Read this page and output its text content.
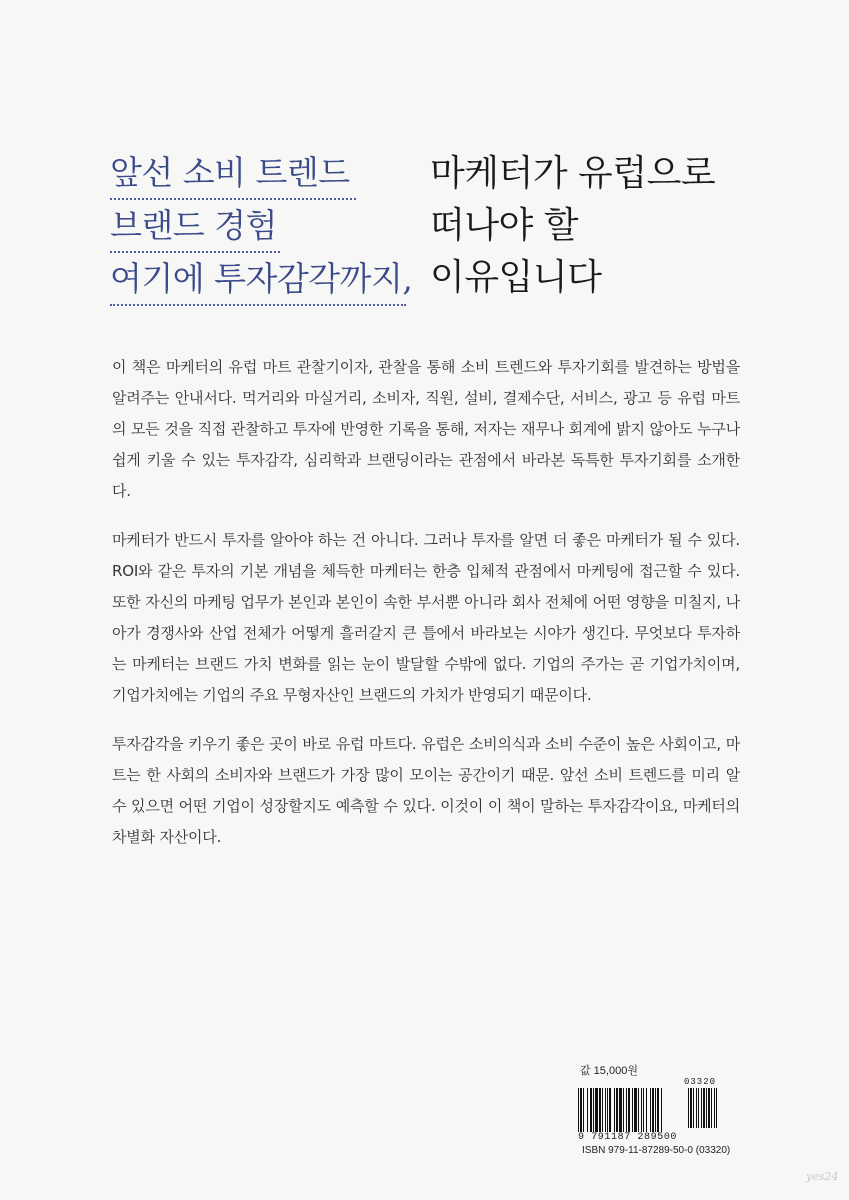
앞선 소비 트렌드
브랜드 경험
여기에 투자감각까지,
마케터가 유럽으로
떠나야 할
이유입니다

이 책은 마케터의 유럽 마트 관찰기이자, 관찰을 통해 소비 트렌드와 투자기회를 발견하는 방법을 알려주는 안내서다. 먹거리와 마실거리, 소비자, 직원, 설비, 결제수단, 서비스, 광고 등 유럽 마트의 모든 것을 직접 관찰하고 투자에 반영한 기록을 통해, 저자는 재무나 회계에 밝지 않아도 누구나 쉽게 키울 수 있는 투자감각, 심리학과 브랜딩이라는 관점에서 바라본 독특한 투자기회를 소개한다.

마케터가 반드시 투자를 알아야 하는 건 아니다. 그러나 투자를 알면 더 좋은 마케터가 될 수 있다. ROI와 같은 투자의 기본 개념을 체득한 마케터는 한층 입체적 관점에서 마케팅에 접근할 수 있다. 또한 자신의 마케팅 업무가 본인과 본인이 속한 부서뿐 아니라 회사 전체에 어떤 영향을 미칠지, 나아가 경쟁사와 산업 전체가 어떻게 흘러갈지 큰 틀에서 바라보는 시야가 생긴다. 무엇보다 투자하는 마케터는 브랜드 가치 변화를 읽는 눈이 발달할 수밖에 없다. 기업의 주가는 곧 기업가치이며, 기업가치에는 기업의 주요 무형자산인 브랜드의 가치가 반영되기 때문이다.

투자감각을 키우기 좋은 곳이 바로 유럽 마트다. 유럽은 소비의식과 소비 수준이 높은 사회이고, 마트는 한 사회의 소비자와 브랜드가 가장 많이 모이는 공간이기 때문. 앞선 소비 트렌드를 미리 알 수 있으면 어떤 기업이 성장할지도 예측할 수 있다. 이것이 이 책이 말하는 투자감각이요, 마케터의 차별화 자산이다.

값 15,000원
03320
9 791187 289500
ISBN 979-11-87289-50-0 (03320)
yes24
